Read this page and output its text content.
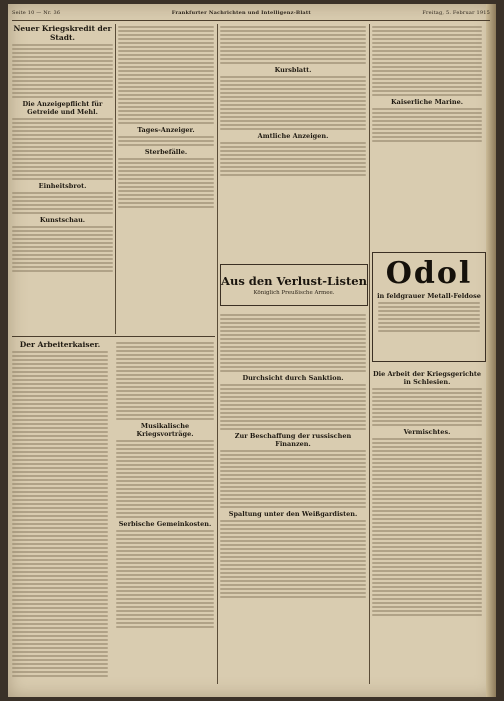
Seite 10 — Nr. 36	Frankfurter Nachrichten und Intelligenz-Blatt	Freitag, 5. Februar 1915
Neuer Kriegskredit der Stadt.
Die Anzeigepflicht für Getreide und Mehl.
Einheitsbrot.
Kunstschau.
Tages-Anzeiger.
Sterbefälle.
Kursblatt.
Amtliche Anzeigen.
Aus den Verlust-Listen
Königlich Preußische Armee.
Kaiserliche Marine.
Odol
in feldgrauer Metall-Feldose
Der Arbeiterkaiser.
Musikalische Kriegsvorträge.
Serbische Gemeinkosten.
Durchsicht durch Sanktion.
Zur Beschaffung der russischen Finanzen.
Spaltung unter den Weißgardisten.
Die Arbeit der Kriegsgerichte in Schlesien.
Vermischtes.
